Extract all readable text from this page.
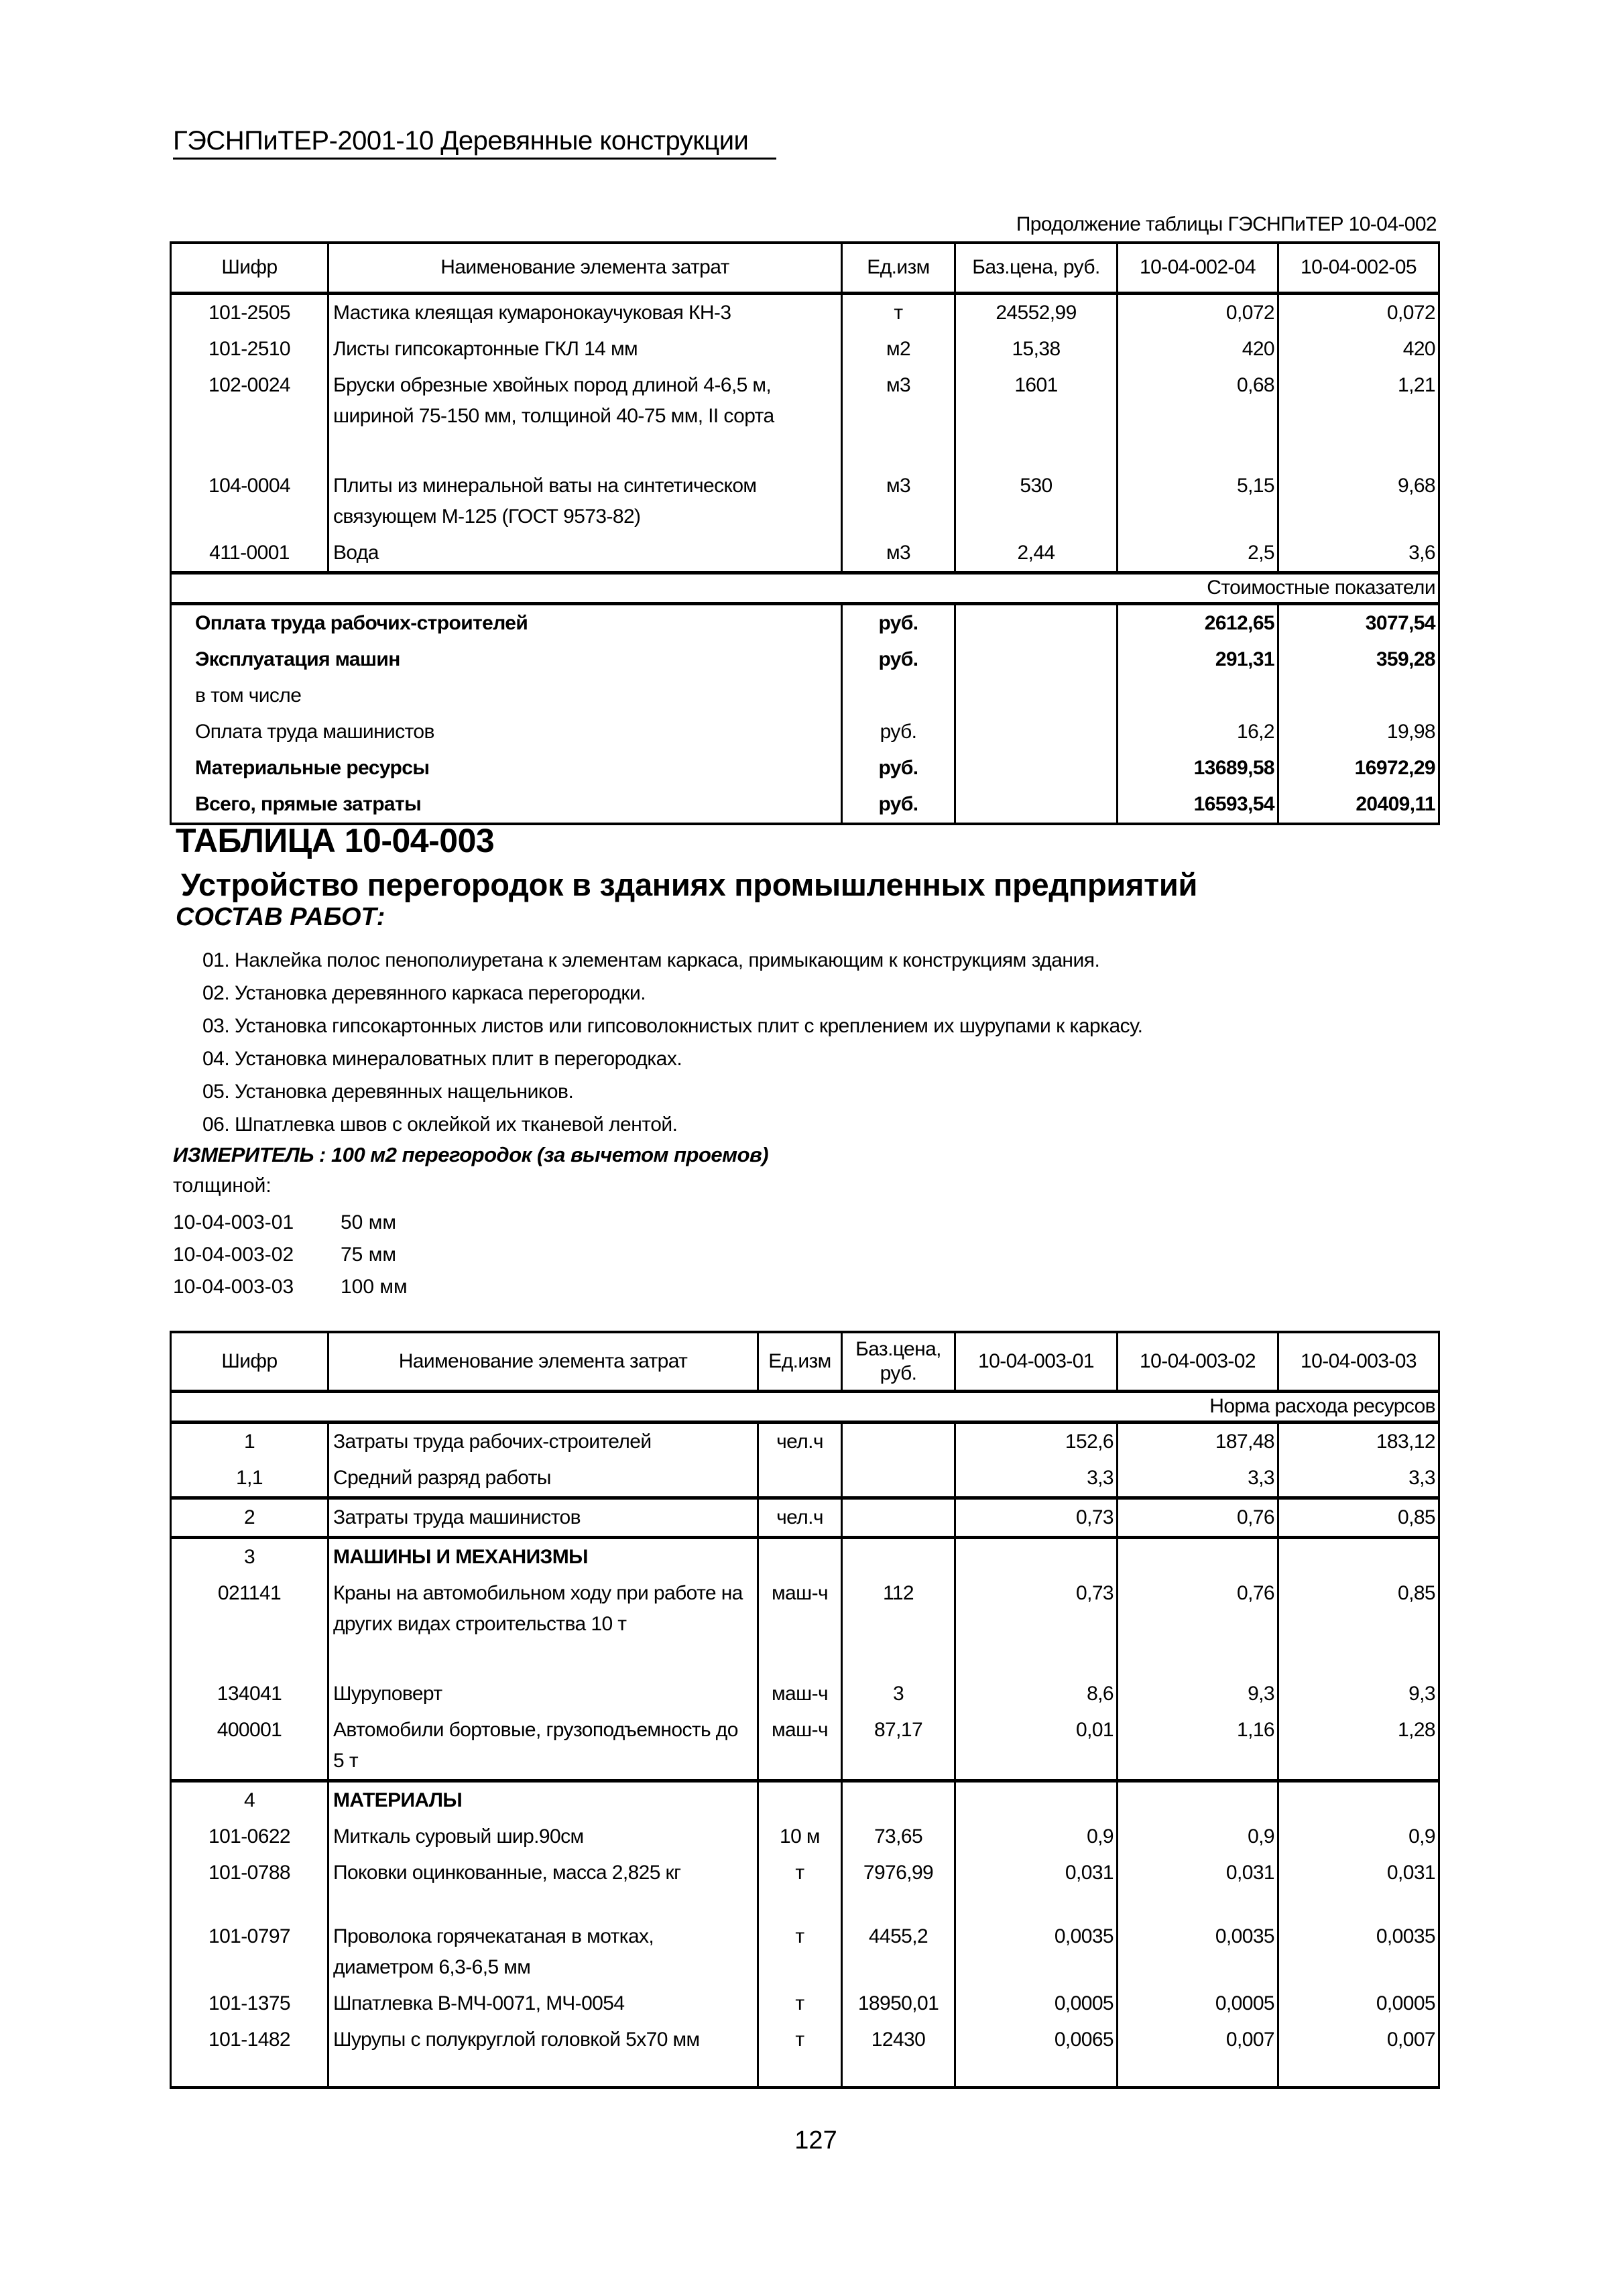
ГЭСНПиТЕР-2001-10 Деревянные конструкции
Продолжение таблицы ГЭСНПиТЕР 10-04-002
Шифр	Наименование элемента затрат	Ед.изм	Баз.цена, руб.	10-04-002-04	10-04-002-05
101-2505	Мастика клеящая кумаронокаучуковая КН-3	т	24552,99	0,072	0,072
101-2510	Листы гипсокартонные ГКЛ 14 мм	м2	15,38	420	420
102-0024	Бруски обрезные хвойных пород длиной 4-6,5 м, шириной 75-150 мм, толщиной 40-75 мм, II сорта	м3	1601	0,68	1,21
104-0004	Плиты из минеральной ваты на синтетическом связующем М-125 (ГОСТ 9573-82)	м3	530	5,15	9,68
411-0001	Вода	м3	2,44	2,5	3,6
Стоимостные показатели					
Оплата труда рабочих-строителей		руб.		2612,65	3077,54
Эксплуатация машин		руб.		291,31	359,28
в том числе					
Оплата труда машинистов		руб.		16,2	19,98
Материальные ресурсы		руб.		13689,58	16972,29
Всего, прямые затраты		руб.		16593,54	20409,11
ТАБЛИЦА 10-04-003
Устройство перегородок в зданиях промышленных предприятий
СОСТАВ РАБОТ:
01. Наклейка полос пенополиуретана к элементам каркаса, примыкающим к конструкциям здания.
02. Установка деревянного каркаса перегородки.
03. Установка гипсокартонных листов или гипсоволокнистых плит с креплением их шурупами к каркасу.
04. Установка минераловатных плит в перегородках.
05. Установка деревянных нащельников.
06. Шпатлевка швов с оклейкой их тканевой лентой.
ИЗМЕРИТЕЛЬ : 100 м2 перегородок (за вычетом проемов)
толщиной:
10-04-003-01 50 мм
10-04-003-02 75 мм
10-04-003-03 100 мм
Шифр	Наименование элемента затрат	Ед.изм	Баз.цена, руб.	10-04-003-01	10-04-003-02	10-04-003-03
Норма расхода ресурсов						
1	Затраты труда рабочих-строителей	чел.ч		152,6	187,48	183,12
1,1	Средний разряд работы			3,3	3,3	3,3
2	Затраты труда машинистов	чел.ч		0,73	0,76	0,85
3	МАШИНЫ И МЕХАНИЗМЫ					
021141	Краны на автомобильном ходу при работе на других видах строительства 10 т	маш-ч	112	0,73	0,76	0,85
134041	Шуруповерт	маш-ч	3	8,6	9,3	9,3
400001	Автомобили бортовые, грузоподъемность до 5 т	маш-ч	87,17	0,01	1,16	1,28
4	МАТЕРИАЛЫ					
101-0622	Миткаль суровый шир.90см	10 м	73,65	0,9	0,9	0,9
101-0788	Поковки оцинкованные, масса 2,825 кг	т	7976,99	0,031	0,031	0,031
101-0797	Проволока горячекатаная в мотках, диаметром 6,3-6,5 мм	т	4455,2	0,0035	0,0035	0,0035
101-1375	Шпатлевка В-МЧ-0071, МЧ-0054	т	18950,01	0,0005	0,0005	0,0005
101-1482	Шурупы с полукруглой головкой 5х70 мм	т	12430	0,0065	0,007	0,007
127
